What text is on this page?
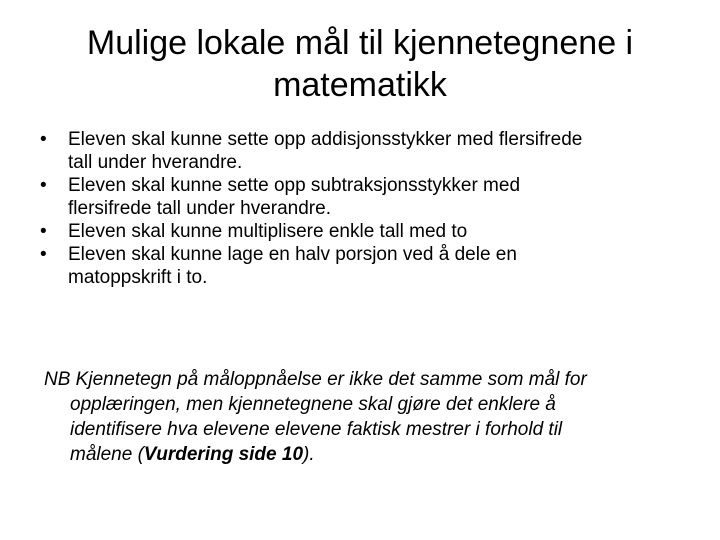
Mulige lokale mål til kjennetegnene i
matematikk
• Eleven skal kunne sette opp addisjonsstykker med flersifrede
tall under hverandre.
• Eleven skal kunne sette opp subtraksjonsstykker med
flersifrede tall under hverandre.
• Eleven skal kunne multiplisere enkle tall med to
• Eleven skal kunne lage en halv porsjon ved å dele en
matoppskrift i to.

NB Kjennetegn på måloppnåelse er ikke det samme som mål for
opplæringen, men kjennetegnene skal gjøre det enklere å
identifisere hva elevene elevene faktisk mestrer i forhold til
målene (Vurdering side 10).
